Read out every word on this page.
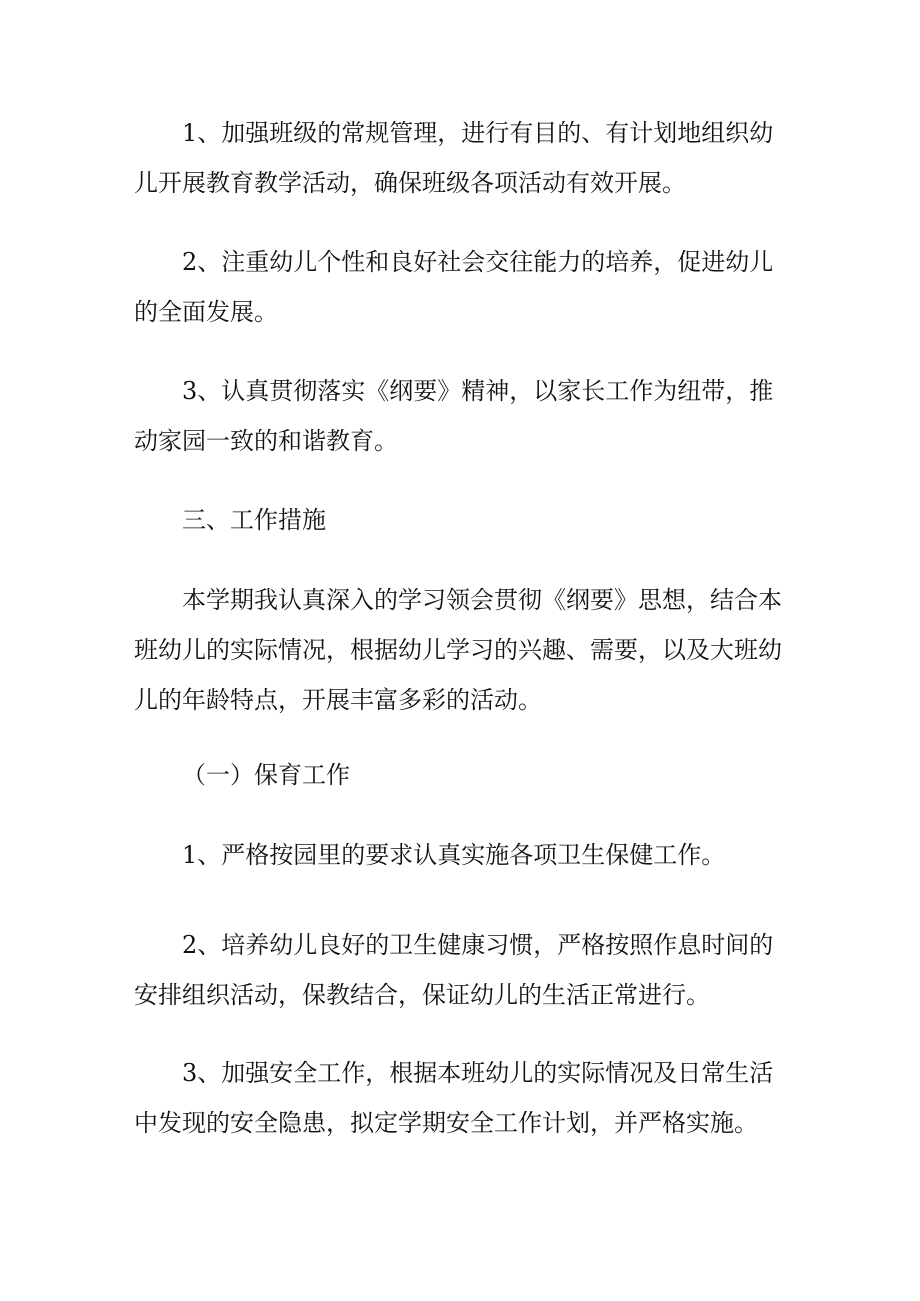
1、加强班级的常规管理，进行有目的、有计划地组织幼儿开展教育教学活动，确保班级各项活动有效开展。

2、注重幼儿个性和良好社会交往能力的培养，促进幼儿的全面发展。

3、认真贯彻落实《纲要》精神，以家长工作为纽带，推动家园一致的和谐教育。

三、工作措施

本学期我认真深入的学习领会贯彻《纲要》思想，结合本班幼儿的实际情况，根据幼儿学习的兴趣、需要，以及大班幼儿的年龄特点，开展丰富多彩的活动。

（一）保育工作

1、严格按园里的要求认真实施各项卫生保健工作。

2、培养幼儿良好的卫生健康习惯，严格按照作息时间的安排组织活动，保教结合，保证幼儿的生活正常进行。

3、加强安全工作，根据本班幼儿的实际情况及日常生活中发现的安全隐患，拟定学期安全工作计划，并严格实施。
